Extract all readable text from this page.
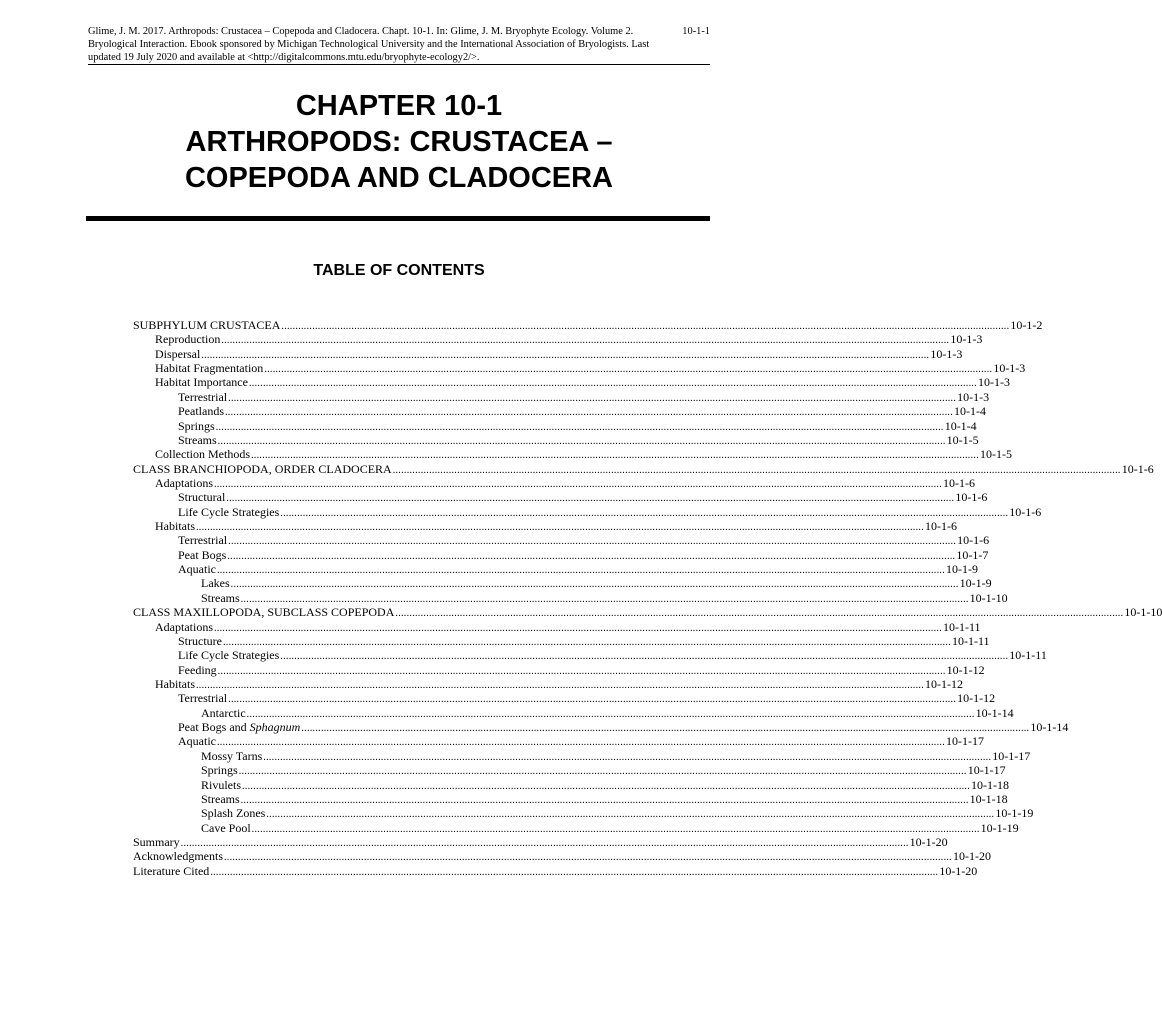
Glime, J. M. 2017. Arthropods: Crustacea – Copepoda and Cladocera. Chapt. 10-1. In: Glime, J. M. Bryophyte Ecology. Volume 2. Bryological Interaction. Ebook sponsored by Michigan Technological University and the International Association of Bryologists. Last updated 19 July 2020 and available at <http://digitalcommons.mtu.edu/bryophyte-ecology2/>.
10-1-1
CHAPTER 10-1
ARTHROPODS: CRUSTACEA –
COPEPODA AND CLADOCERA
TABLE OF CONTENTS
SUBPHYLUM CRUSTACEA .................................................................................................................................................................................................................................................................... 10-1-2
Reproduction .................................................................................................................................................................................................................................................................... 10-1-3
Dispersal .................................................................................................................................................................................................................................................................... 10-1-3
Habitat Fragmentation .................................................................................................................................................................................................................................................................... 10-1-3
Habitat Importance .................................................................................................................................................................................................................................................................... 10-1-3
Terrestrial .................................................................................................................................................................................................................................................................... 10-1-3
Peatlands .................................................................................................................................................................................................................................................................... 10-1-4
Springs .................................................................................................................................................................................................................................................................... 10-1-4
Streams .................................................................................................................................................................................................................................................................... 10-1-5
Collection Methods .................................................................................................................................................................................................................................................................... 10-1-5
CLASS BRANCHIOPODA, ORDER CLADOCERA .................................................................................................................................................................................................................................................................... 10-1-6
Adaptations .................................................................................................................................................................................................................................................................... 10-1-6
Structural .................................................................................................................................................................................................................................................................... 10-1-6
Life Cycle Strategies .................................................................................................................................................................................................................................................................... 10-1-6
Habitats .................................................................................................................................................................................................................................................................... 10-1-6
Terrestrial .................................................................................................................................................................................................................................................................... 10-1-6
Peat Bogs .................................................................................................................................................................................................................................................................... 10-1-7
Aquatic .................................................................................................................................................................................................................................................................... 10-1-9
Lakes .................................................................................................................................................................................................................................................................... 10-1-9
Streams .................................................................................................................................................................................................................................................................... 10-1-10
CLASS MAXILLOPODA, SUBCLASS COPEPODA .................................................................................................................................................................................................................................................................... 10-1-10
Adaptations .................................................................................................................................................................................................................................................................... 10-1-11
Structure .................................................................................................................................................................................................................................................................... 10-1-11
Life Cycle Strategies .................................................................................................................................................................................................................................................................... 10-1-11
Feeding .................................................................................................................................................................................................................................................................... 10-1-12
Habitats .................................................................................................................................................................................................................................................................... 10-1-12
Terrestrial .................................................................................................................................................................................................................................................................... 10-1-12
Antarctic .................................................................................................................................................................................................................................................................... 10-1-14
Peat Bogs and Sphagnum .................................................................................................................................................................................................................................................................... 10-1-14
Aquatic .................................................................................................................................................................................................................................................................... 10-1-17
Mossy Tarns .................................................................................................................................................................................................................................................................... 10-1-17
Springs .................................................................................................................................................................................................................................................................... 10-1-17
Rivulets .................................................................................................................................................................................................................................................................... 10-1-18
Streams .................................................................................................................................................................................................................................................................... 10-1-18
Splash Zones .................................................................................................................................................................................................................................................................... 10-1-19
Cave Pool .................................................................................................................................................................................................................................................................... 10-1-19
Summary .................................................................................................................................................................................................................................................................... 10-1-20
Acknowledgments .................................................................................................................................................................................................................................................................... 10-1-20
Literature Cited .................................................................................................................................................................................................................................................................... 10-1-20
